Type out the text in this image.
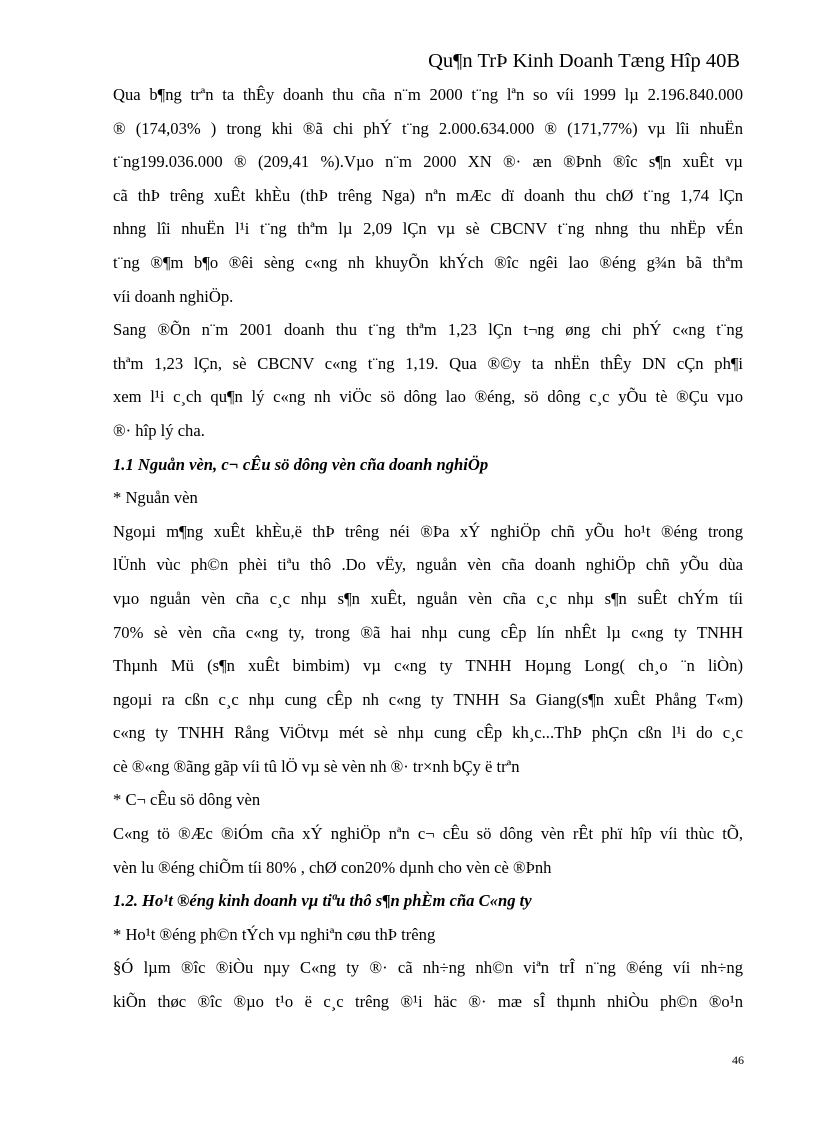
Qu¶n TrÞ Kinh Doanh Tæng Hîp 40B
Qua b¶ng trªn ta thÊy doanh thu cña n¨m 2000 t¨ng lªn so víi 1999 lµ 2.196.840.000
® (174,03% ) trong khi ®ã chi phÝ t¨ng 2.000.634.000 ® (171,77%) vµ lîi nhuËn
t¨ng199.036.000 ® (209,41 %).Vµo n¨m 2000 XN ®· æn ®Þnh ®îc s¶n xuÊt vµ
cã thÞ trêng xuÊt khÈu (thÞ trêng Nga) nªn mÆc dï doanh thu chØ t¨ng 1,74 lÇn
nhng lîi nhuËn l¹i t¨ng thªm lµ 2,09 lÇn vµ sè CBCNV t¨ng nhng thu nhËp vÉn
t¨ng ®¶m b¶o ®êi sèng c«ng nh khuyÕn khÝch ®îc ngêi lao ®éng g¾n bã thªm
víi doanh nghiÖp.
Sang ®Õn n¨m 2001 doanh thu t¨ng thªm 1,23 lÇn t¬ng øng chi phÝ c«ng t¨ng
thªm 1,23 lÇn, sè CBCNV c«ng t¨ng 1,19. Qua ®©y ta nhËn thÊy DN cÇn ph¶i
xem l¹i c¸ch qu¶n lý c«ng nh viÖc sö dông lao ®éng, sö dông c¸c yÕu tè ®Çu vµo
®· hîp lý cha.
1.1 Nguån vèn, c¬ cÊu sö dông vèn cña doanh nghiÖp
* Nguån vèn
Ngoµi m¶ng xuÊt khÈu,ë thÞ trêng néi ®Þa xÝ nghiÖp chñ yÕu ho¹t ®éng trong
lÜnh vùc ph©n phèi tiªu thô .Do vËy, nguån vèn cña doanh nghiÖp chñ yÕu dùa
vµo nguån vèn cña c¸c nhµ s¶n xuÊt, nguån vèn cña c¸c nhµ s¶n suÊt chÝm tíi
70% sè vèn cña c«ng ty, trong ®ã hai nhµ cung cÊp lín nhÊt lµ c«ng ty TNHH
Thµnh Mü (s¶n xuÊt bimbim) vµ c«ng ty TNHH Hoµng Long( ch¸o ¨n liÒn)
ngoµi ra cßn c¸c nhµ cung cÊp nh c«ng ty TNHH Sa Giang(s¶n xuÊt Phång T«m)
c«ng ty TNHH Rång ViÖtvµ mét sè nhµ cung cÊp kh¸c...ThÞ phÇn cßn l¹i do c¸c
cè ®«ng ®ãng gãp víi tû lÖ vµ sè vèn nh ®· tr×nh bÇy ë trªn
* C¬ cÊu sö dông vèn
C«ng tö ®Æc ®iÓm cña xÝ nghiÖp nªn c¬ cÊu sö dông vèn rÊt phï hîp víi thùc tÕ,
vèn lu ®éng chiÕm tíi 80% , chØ con20% dµnh cho vèn cè ®Þnh
1.2. Ho¹t ®éng kinh doanh vµ tiªu thô s¶n phÈm cña C«ng ty
* Ho¹t ®éng ph©n tÝch vµ nghiªn cøu thÞ trêng
§Ó lµm ®îc ®iÒu nµy C«ng ty ®· cã nh÷ng nh©n viªn trÎ n¨ng ®éng víi nh÷ng
kiÕn thøc ®îc ®µo t¹o ë c¸c trêng ®¹i häc ®· mæ sÎ thµnh nhiÒu ph©n ®o¹n
46
